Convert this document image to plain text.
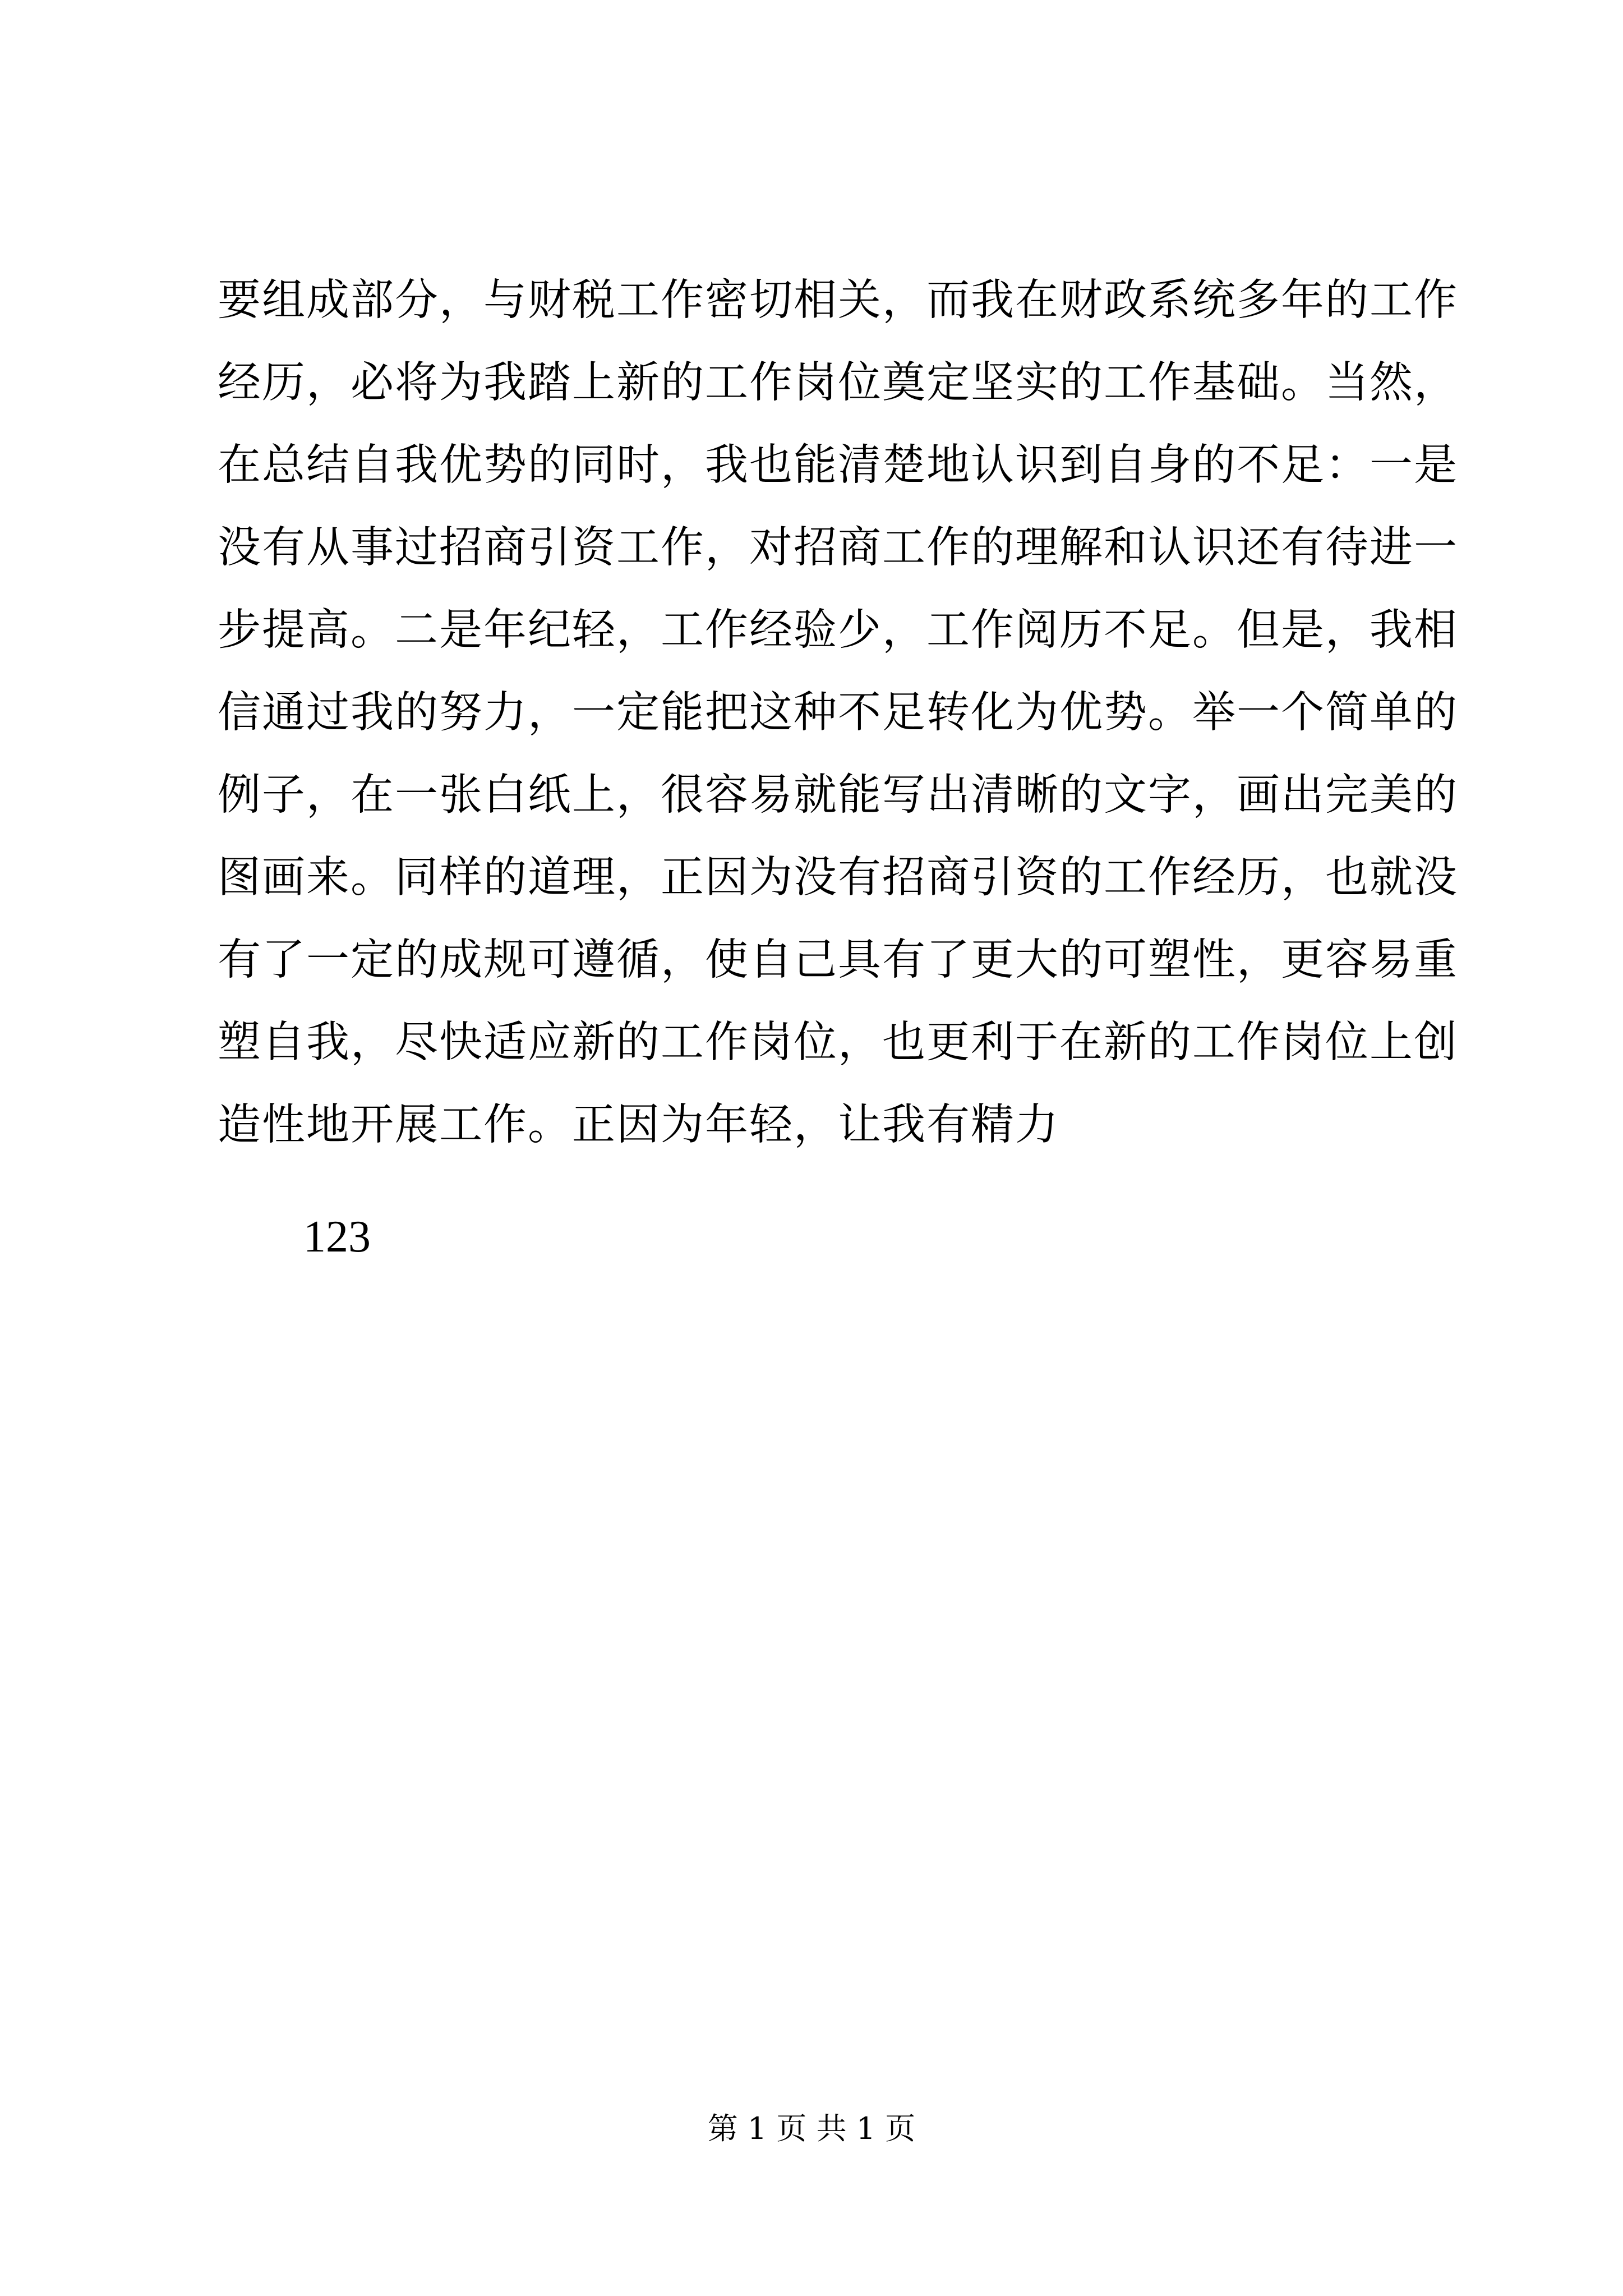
要组成部分，与财税工作密切相关，而我在财政系统多年的工作
经历，必将为我踏上新的工作岗位奠定坚实的工作基础。当然，
在总结自我优势的同时，我也能清楚地认识到自身的不足：一是
没有从事过招商引资工作，对招商工作的理解和认识还有待进一
步提高。二是年纪轻，工作经验少，工作阅历不足。但是，我相
信通过我的努力，一定能把这种不足转化为优势。举一个简单的
例子，在一张白纸上，很容易就能写出清晰的文字，画出完美的
图画来。同样的道理，正因为没有招商引资的工作经历，也就没
有了一定的成规可遵循，使自己具有了更大的可塑性，更容易重
塑自我，尽快适应新的工作岗位，也更利于在新的工作岗位上创
造性地开展工作。正因为年轻，让我有精力
123
第 1 页 共 1 页
